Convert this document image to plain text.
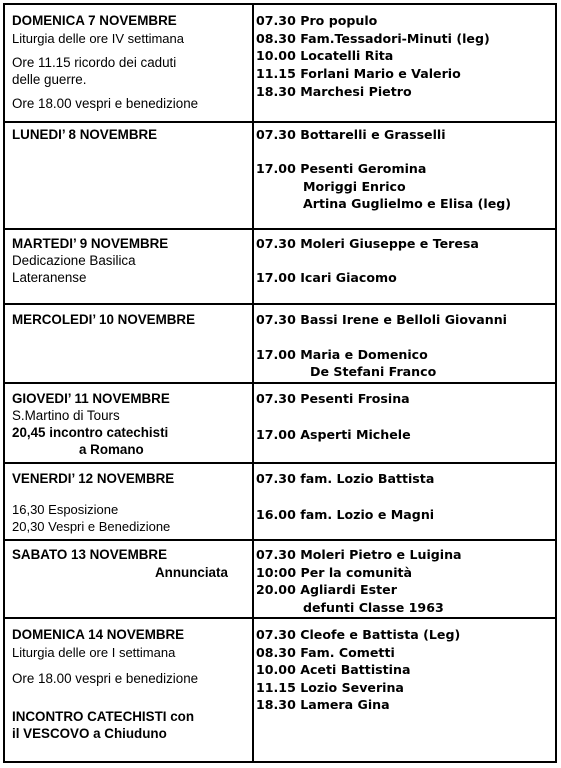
DOMENICA 7 NOVEMBRE
Liturgia delle ore IV settimana
Ore 11.15 ricordo dei caduti
delle guerre.
Ore 18.00 vespri e benedizione
07.30 Pro populo
08.30 Fam.Tessadori-Minuti (leg)
10.00 Locatelli Rita
11.15 Forlani Mario e Valerio
18.30 Marchesi Pietro
LUNEDI’ 8 NOVEMBRE	07.30 Bottarelli e Grasselli
17.00 Pesenti Geromina
Moriggi Enrico
Artina Guglielmo e Elisa (leg)
MARTEDI’ 9 NOVEMBRE
Dedicazione Basilica
Lateranense
07.30 Moleri Giuseppe e Teresa
17.00 Icari Giacomo
MERCOLEDI’ 10 NOVEMBRE	07.30 Bassi Irene e Belloli Giovanni
17.00 Maria e Domenico
De Stefani Franco
GIOVEDI’ 11 NOVEMBRE
S.Martino di Tours
20,45 incontro catechisti
a Romano
07.30 Pesenti Frosina
17.00 Asperti Michele
VENERDI’ 12 NOVEMBRE
16,30 Esposizione
20,30 Vespri e Benedizione
07.30 fam. Lozio Battista
16.00 fam. Lozio e Magni
SABATO 13 NOVEMBRE
Annunciata
07.30 Moleri Pietro e Luigina
10:00 Per la comunità
20.00 Agliardi Ester
defunti Classe 1963
DOMENICA 14 NOVEMBRE
Liturgia delle ore I settimana
Ore 18.00 vespri e benedizione
INCONTRO CATECHISTI con
il VESCOVO a Chiuduno
07.30 Cleofe e Battista (Leg)
08.30 Fam. Cometti
10.00 Aceti Battistina
11.15 Lozio Severina
18.30 Lamera Gina
